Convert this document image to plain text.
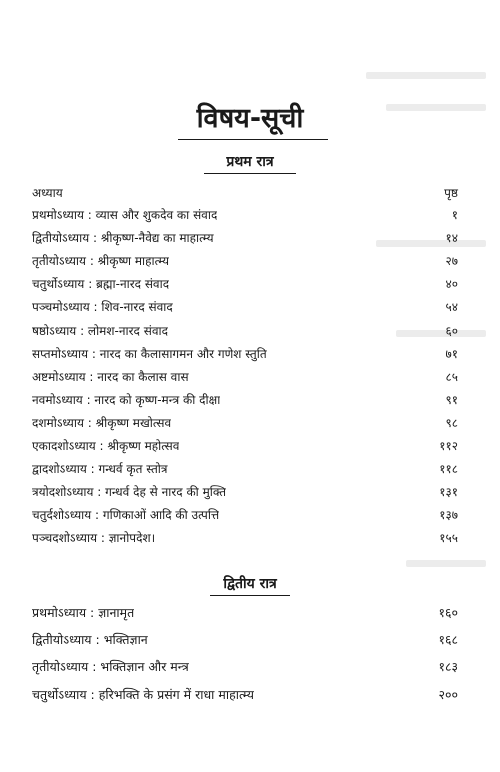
विषय-सूची
प्रथम रात्र
अध्याय	पृष्ठ
प्रथमोऽध्याय : व्यास और शुकदेव का संवाद	१
द्वितीयोऽध्याय : श्रीकृष्ण-नैवेद्य का माहात्म्य	१४
तृतीयोऽध्याय : श्रीकृष्ण माहात्म्य	२७
चतुर्थोऽध्याय : ब्रह्मा-नारद संवाद	४०
पञ्चमोऽध्याय : शिव-नारद संवाद	५४
षष्ठोऽध्याय : लोमश-नारद संवाद	६०
सप्तमोऽध्याय : नारद का कैलासागमन और गणेश स्तुति	७१
अष्टमोऽध्याय : नारद का कैलास वास	८५
नवमोऽध्याय : नारद को कृष्ण-मन्त्र की दीक्षा	९१
दशमोऽध्याय : श्रीकृष्ण मखोत्सव	९८
एकादशोऽध्याय : श्रीकृष्ण महोत्सव	११२
द्वादशोऽध्याय : गन्धर्व कृत स्तोत्र	११८
त्रयोदशोऽध्याय : गन्धर्व देह से नारद की मुक्ति	१३१
चतुर्दशोऽध्याय : गणिकाओं आदि की उत्पत्ति	१३७
पञ्चदशोऽध्याय : ज्ञानोपदेश।	१५५
द्वितीय रात्र
प्रथमोऽध्याय : ज्ञानामृत	१६०
द्वितीयोऽध्याय : भक्तिज्ञान	१६८
तृतीयोऽध्याय : भक्तिज्ञान और मन्त्र	१८३
चतुर्थोऽध्याय : हरिभक्ति के प्रसंग में राधा माहात्म्य	२००
